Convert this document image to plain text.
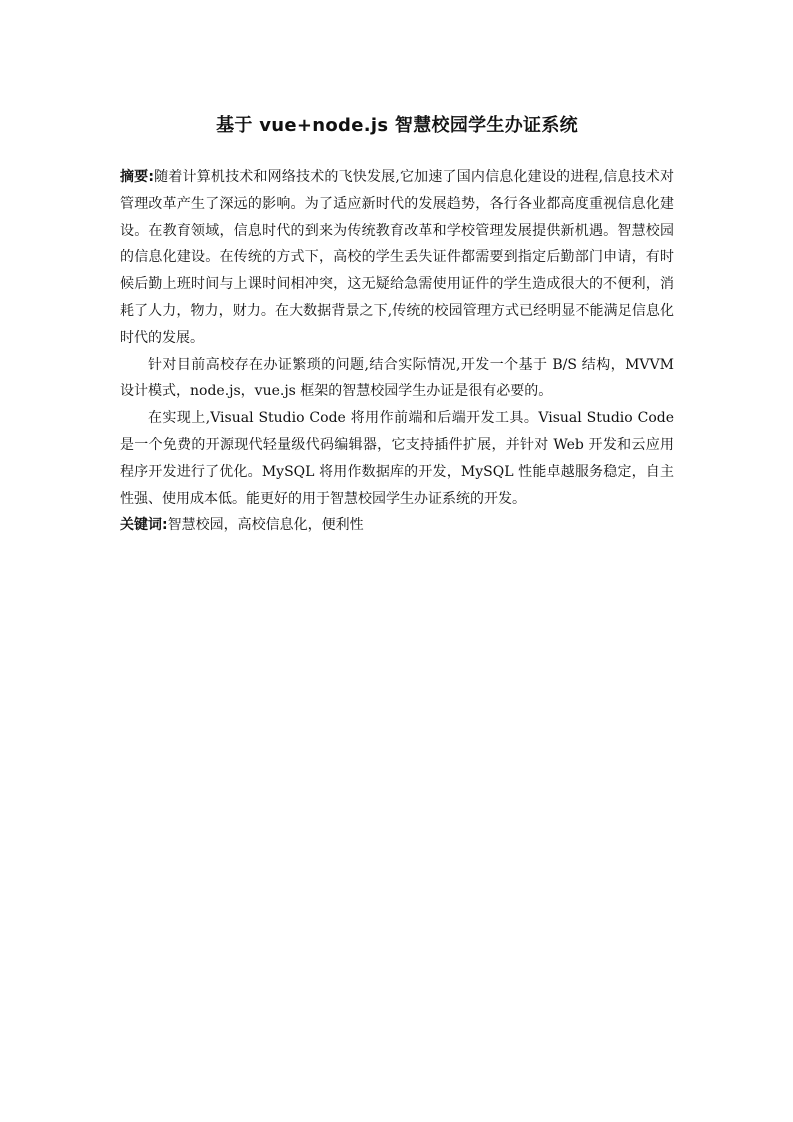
基于 vue+node.js 智慧校园学生办证系统

摘要:随着计算机技术和网络技术的飞快发展,它加速了国内信息化建设的进程,信息技术对管理改革产生了深远的影响。为了适应新时代的发展趋势，各行各业都高度重视信息化建设。在教育领域，信息时代的到来为传统教育改革和学校管理发展提供新机遇。智慧校园的信息化建设。在传统的方式下，高校的学生丢失证件都需要到指定后勤部门申请，有时候后勤上班时间与上课时间相冲突，这无疑给急需使用证件的学生造成很大的不便利，消耗了人力，物力，财力。在大数据背景之下,传统的校园管理方式已经明显不能满足信息化时代的发展。

针对目前高校存在办证繁琐的问题,结合实际情况,开发一个基于 B/S 结构，MVVM 设计模式，node.js，vue.js 框架的智慧校园学生办证是很有必要的。

在实现上,Visual Studio Code 将用作前端和后端开发工具。Visual Studio Code 是一个免费的开源现代轻量级代码编辑器，它支持插件扩展，并针对 Web 开发和云应用程序开发进行了优化。MySQL 将用作数据库的开发，MySQL 性能卓越服务稳定，自主性强、使用成本低。能更好的用于智慧校园学生办证系统的开发。

关键词:智慧校园，高校信息化，便利性
